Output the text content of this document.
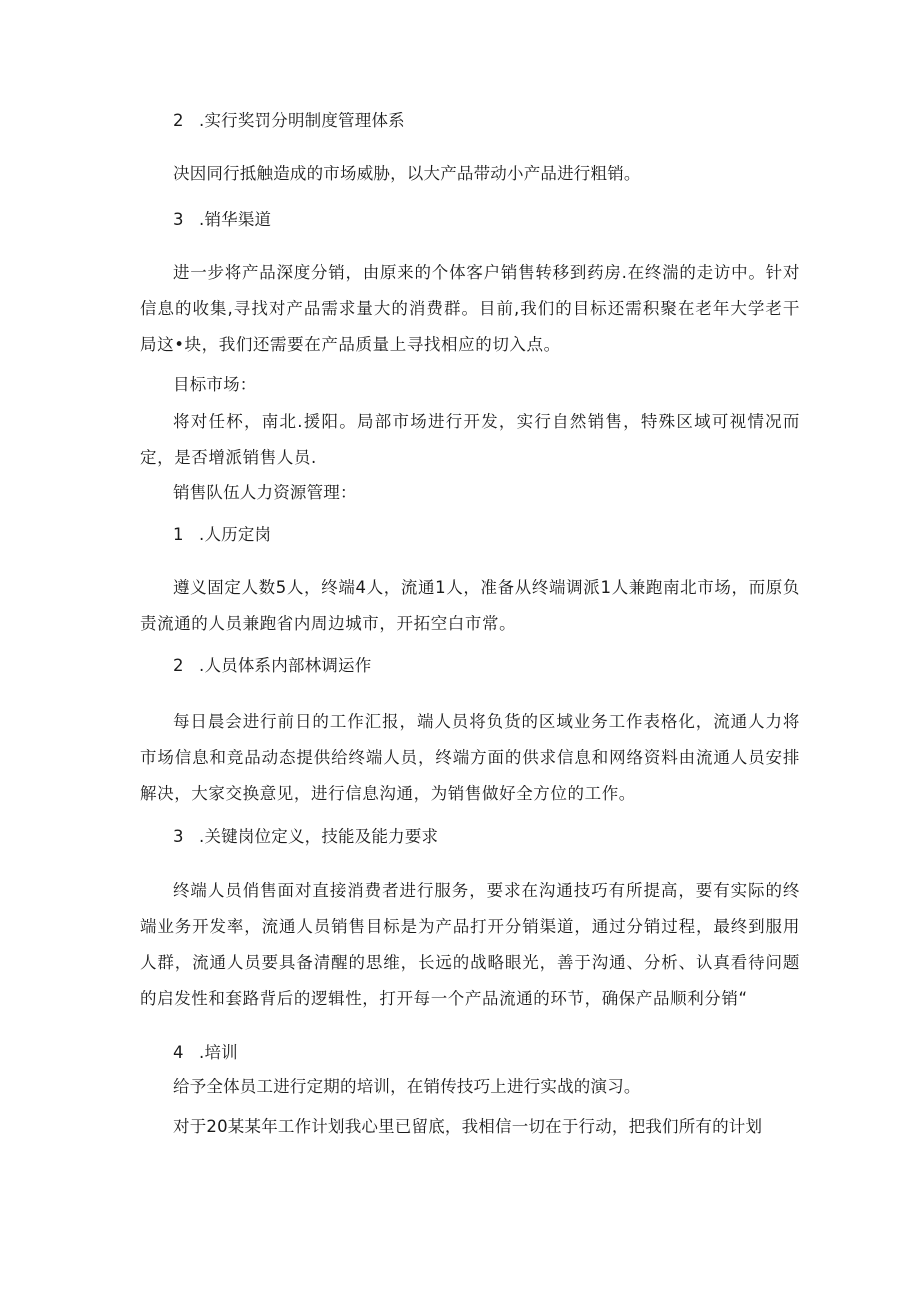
2 .实行奖罚分明制度管理体系
决因同行抵触造成的市场威胁，以大产品带动小产品进行粗销。
3 .销华渠道
进一步将产品深度分销，由原来的个体客户销售转移到药房.在终湍的走访中。针对信息的收集,寻找对产品需求量大的消费群。目前,我们的目标还需积聚在老年大学老干局这•块，我们还需要在产品质量上寻找相应的切入点。
目标市场：
将对任杯，南北.援阳。局部市场进行开发，实行自然销售，特殊区域可视情况而定，是否增派销售人员.
销售队伍人力资源管理：
1 .人历定岗
遵义固定人数5人，终端4人，流通1人，准备从终端调派1人兼跑南北市场，而原负责流通的人员兼跑省内周边城市，开拓空白市常。
2 .人员体系内部林调运作
每日晨会进行前日的工作汇报，端人员将负货的区域业务工作表格化，流通人力将市场信息和竞品动态提供给终端人员，终端方面的供求信息和网络资料由流通人员安排解决，大家交换意见，进行信息沟通，为销售做好全方位的工作。
3 .关键岗位定义，技能及能力要求
终端人员俏售面对直接消费者进行服务，要求在沟通技巧有所提高，要有实际的终端业务开发率，流通人员销售目标是为产品打开分销渠道，通过分销过程，最终到服用人群，流通人员要具备清醒的思维，长远的战略眼光，善于沟通、分析、认真看待问题的启发性和套路背后的逻辑性，打开每一个产品流通的环节，确保产品顺利分销“
4 .培训
给予全体员工进行定期的培训，在销传技巧上进行实战的演习。
对于20某某年工作计划我心里已留底，我相信一切在于行动，把我们所有的计划
